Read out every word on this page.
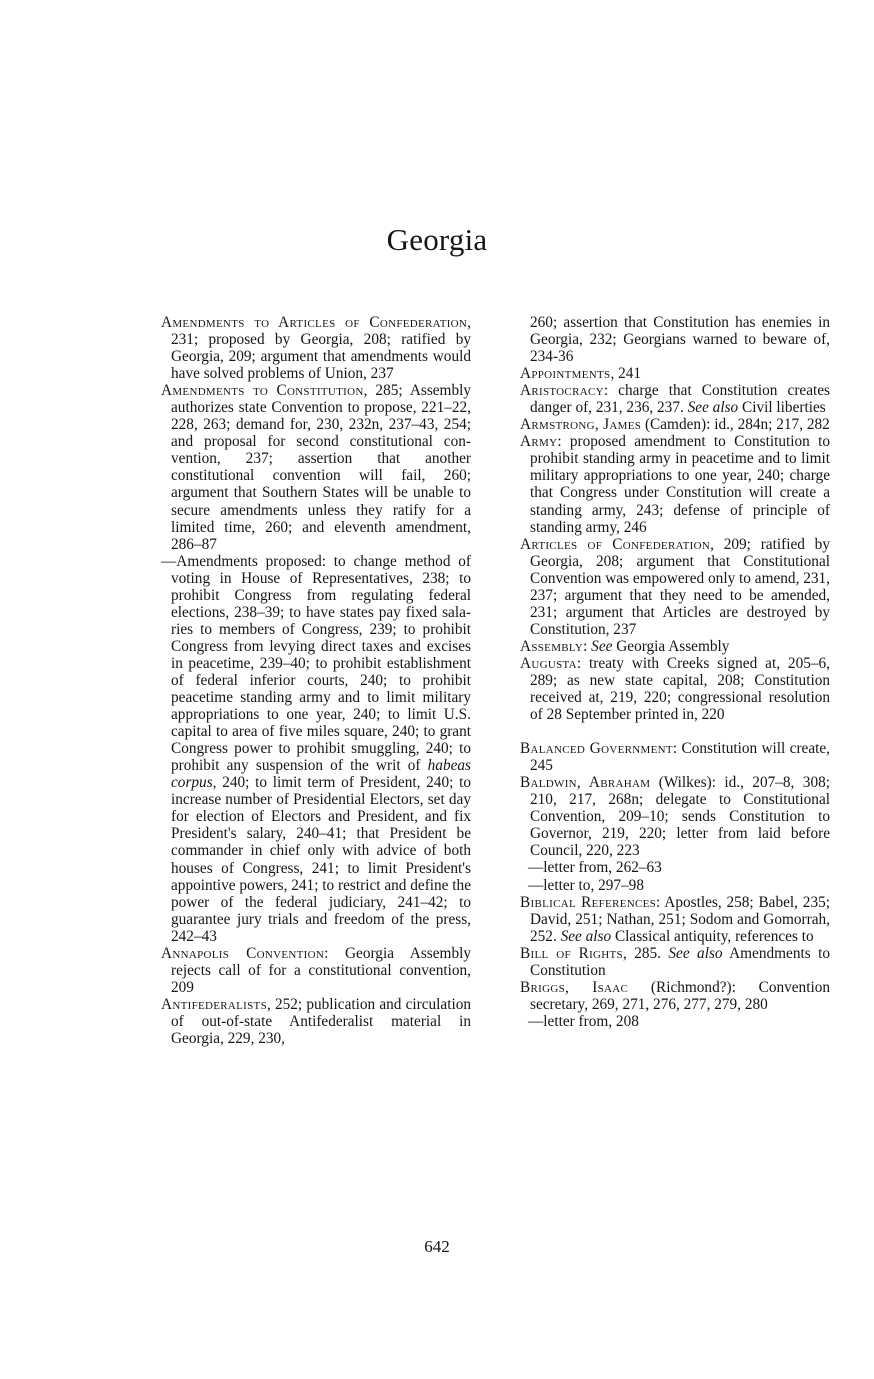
Georgia

Amendments to Articles of Confederation, 231; proposed by Georgia, 208; ratified by Georgia, 209; argument that amendments would have solved problems of Union, 237

Amendments to Constitution, 285; Assembly authorizes state Convention to propose, 221–22, 228, 263; demand for, 230, 232n, 237–43, 254; and proposal for second constitutional convention, 237; assertion that another constitutional convention will fail, 260; argument that Southern States will be unable to secure amendments unless they ratify for a limited time, 260; and eleventh amendment, 286–87

—Amendments proposed: to change method of voting in House of Representatives, 238; to prohibit Congress from regulating federal elections, 238–39; to have states pay fixed salaries to members of Congress, 239; to prohibit Congress from levying direct taxes and excises in peacetime, 239–40; to prohibit establishment of federal inferior courts, 240; to prohibit peacetime standing army and to limit military appropriations to one year, 240; to limit U.S. capital to area of five miles square, 240; to grant Congress power to prohibit smuggling, 240; to prohibit any suspension of the writ of habeas corpus, 240; to limit term of President, 240; to increase number of Presidential Electors, set day for election of Electors and President, and fix President's salary, 240–41; that President be commander in chief only with advice of both houses of Congress, 241; to limit President's appointive powers, 241; to restrict and define the power of the federal judiciary, 241–42; to guarantee jury trials and freedom of the press, 242–43

Annapolis Convention: Georgia Assembly rejects call of for a constitutional convention, 209

Antifederalists, 252; publication and circulation of out-of-state Antifederalist material in Georgia, 229, 230,

260; assertion that Constitution has enemies in Georgia, 232; Georgians warned to beware of, 234-36

Appointments, 241

Aristocracy: charge that Constitution creates danger of, 231, 236, 237. See also Civil liberties

Armstrong, James (Camden): id., 284n; 217, 282

Army: proposed amendment to Constitution to prohibit standing army in peacetime and to limit military appropriations to one year, 240; charge that Congress under Constitution will create a standing army, 243; defense of principle of standing army, 246

Articles of Confederation, 209; ratified by Georgia, 208; argument that Constitutional Convention was empowered only to amend, 231, 237; argument that they need to be amended, 231; argument that Articles are destroyed by Constitution, 237

Assembly: See Georgia Assembly

Augusta: treaty with Creeks signed at, 205–6, 289; as new state capital, 208; Constitution received at, 219, 220; congressional resolution of 28 September printed in, 220

Balanced Government: Constitution will create, 245

Baldwin, Abraham (Wilkes): id., 207–8, 308; 210, 217, 268n; delegate to Constitutional Convention, 209–10; sends Constitution to Governor, 219, 220; letter from laid before Council, 220, 223

—letter from, 262–63

—letter to, 297–98

Biblical References: Apostles, 258; Babel, 235; David, 251; Nathan, 251; Sodom and Gomorrah, 252. See also Classical antiquity, references to

Bill of Rights, 285. See also Amendments to Constitution

Briggs, Isaac (Richmond?): Convention secretary, 269, 271, 276, 277, 279, 280

—letter from, 208

642
